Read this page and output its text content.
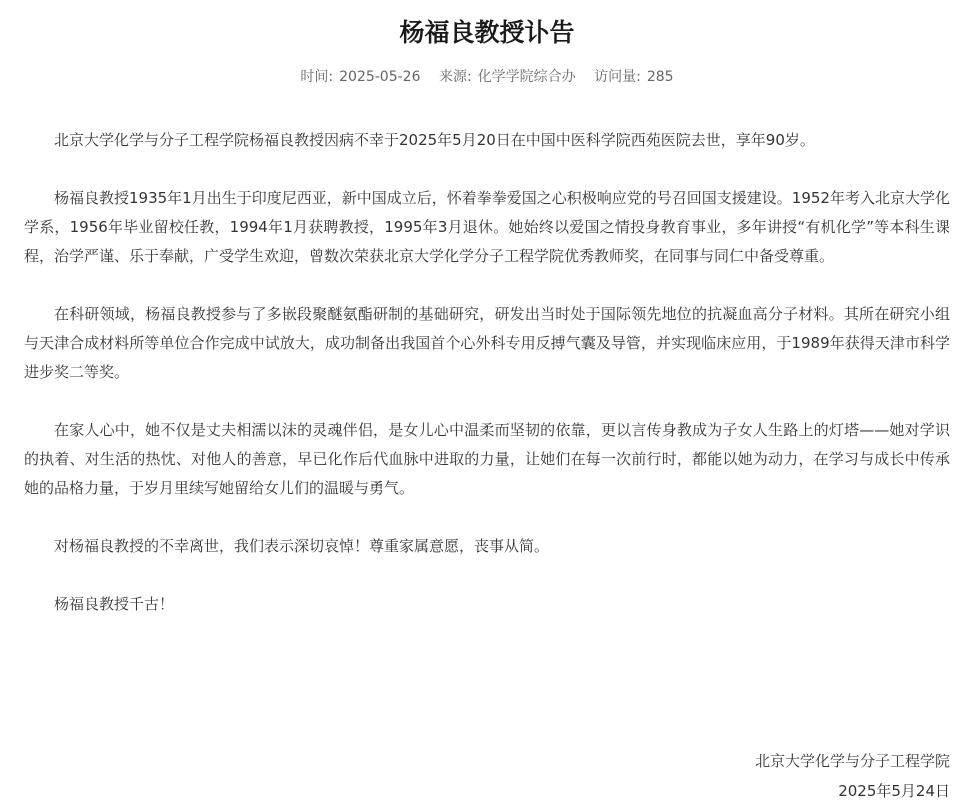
杨福良教授讣告
时间: 2025-05-26 来源: 化学学院综合办 访问量: 285

北京大学化学与分子工程学院杨福良教授因病不幸于2025年5月20日在中国中医科学院西苑医院去世，享年90岁。

杨福良教授1935年1月出生于印度尼西亚，新中国成立后，怀着拳拳爱国之心积极响应党的号召回国支援建设。1952年考入北京大学化学系，1956年毕业留校任教，1994年1月获聘教授，1995年3月退休。她始终以爱国之情投身教育事业，多年讲授“有机化学”等本科生课程，治学严谨、乐于奉献，广受学生欢迎，曾数次荣获北京大学化学分子工程学院优秀教师奖，在同事与同仁中备受尊重。

在科研领域，杨福良教授参与了多嵌段聚醚氨酯研制的基础研究，研发出当时处于国际领先地位的抗凝血高分子材料。其所在研究小组与天津合成材料所等单位合作完成中试放大，成功制备出我国首个心外科专用反搏气囊及导管，并实现临床应用，于1989年获得天津市科学进步奖二等奖。

在家人心中，她不仅是丈夫相濡以沫的灵魂伴侣，是女儿心中温柔而坚韧的依靠，更以言传身教成为子女人生路上的灯塔——她对学识的执着、对生活的热忱、对他人的善意，早已化作后代血脉中进取的力量，让她们在每一次前行时，都能以她为动力，在学习与成长中传承她的品格力量，于岁月里续写她留给女儿们的温暖与勇气。

对杨福良教授的不幸离世，我们表示深切哀悼！尊重家属意愿，丧事从简。

杨福良教授千古！

北京大学化学与分子工程学院
2025年5月24日
